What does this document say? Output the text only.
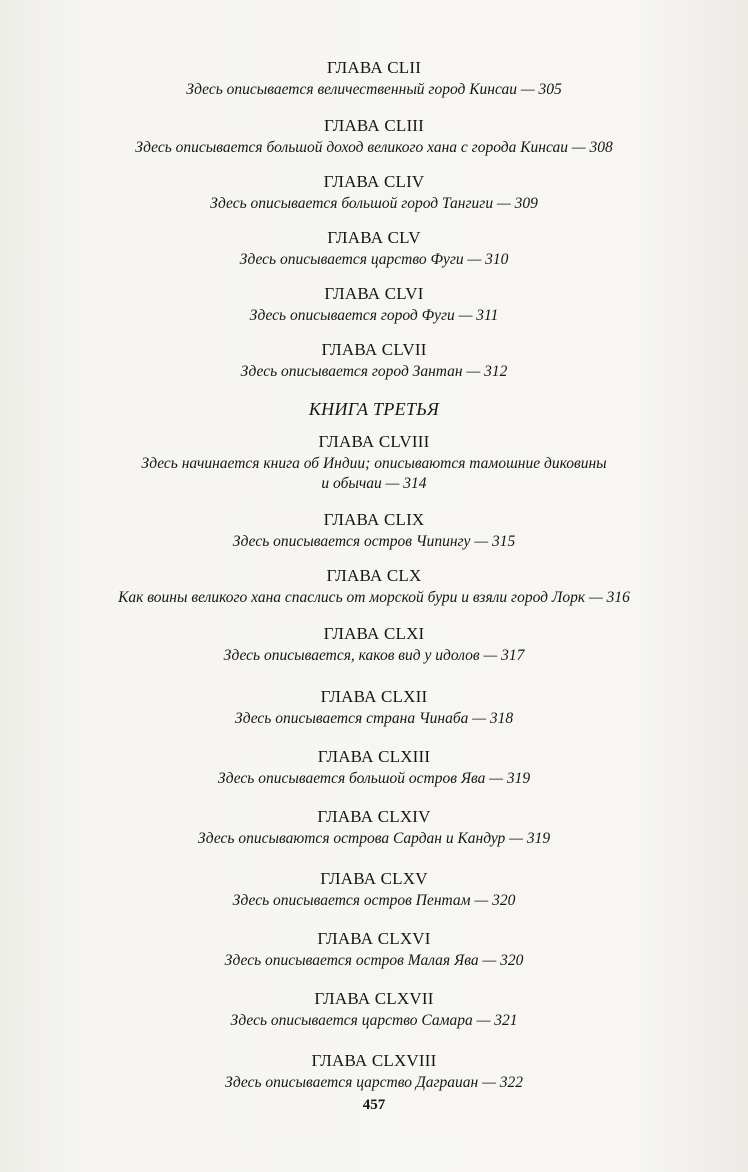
ГЛАВА CLII

Здесь описывается величественный город Кинсаи — 305

ГЛАВА CLIII

Здесь описывается большой доход великого хана с города Кинсаи — 308

ГЛАВА CLIV

Здесь описывается большой город Тангиги — 309

ГЛАВА CLV

Здесь описывается царство Фуги — 310

ГЛАВА CLVI

Здесь описывается город Фуги — 311

ГЛАВА CLVII

Здесь описывается город Зантан — 312

КНИГА ТРЕТЬЯ

ГЛАВА CLVIII

Здесь начинается книга об Индии; описываются тамошние диковины

и обычаи — 314

ГЛАВА CLIX

Здесь описывается остров Чипингу — 315

ГЛАВА CLX

Как воины великого хана спаслись от морской бури и взяли город Лорк — 316

ГЛАВА CLXI

Здесь описывается, каков вид у идолов — 317

ГЛАВА CLXII

Здесь описывается страна Чинаба — 318

ГЛАВА CLXIII

Здесь описывается большой остров Ява — 319

ГЛАВА CLXIV

Здесь описываются острова Сардан и Кандур — 319

ГЛАВА CLXV

Здесь описывается остров Пентам — 320

ГЛАВА CLXVI

Здесь описывается остров Малая Ява — 320

ГЛАВА CLXVII

Здесь описывается царство Самара — 321

ГЛАВА CLXVIII

Здесь описывается царство Даграиан — 322

457
